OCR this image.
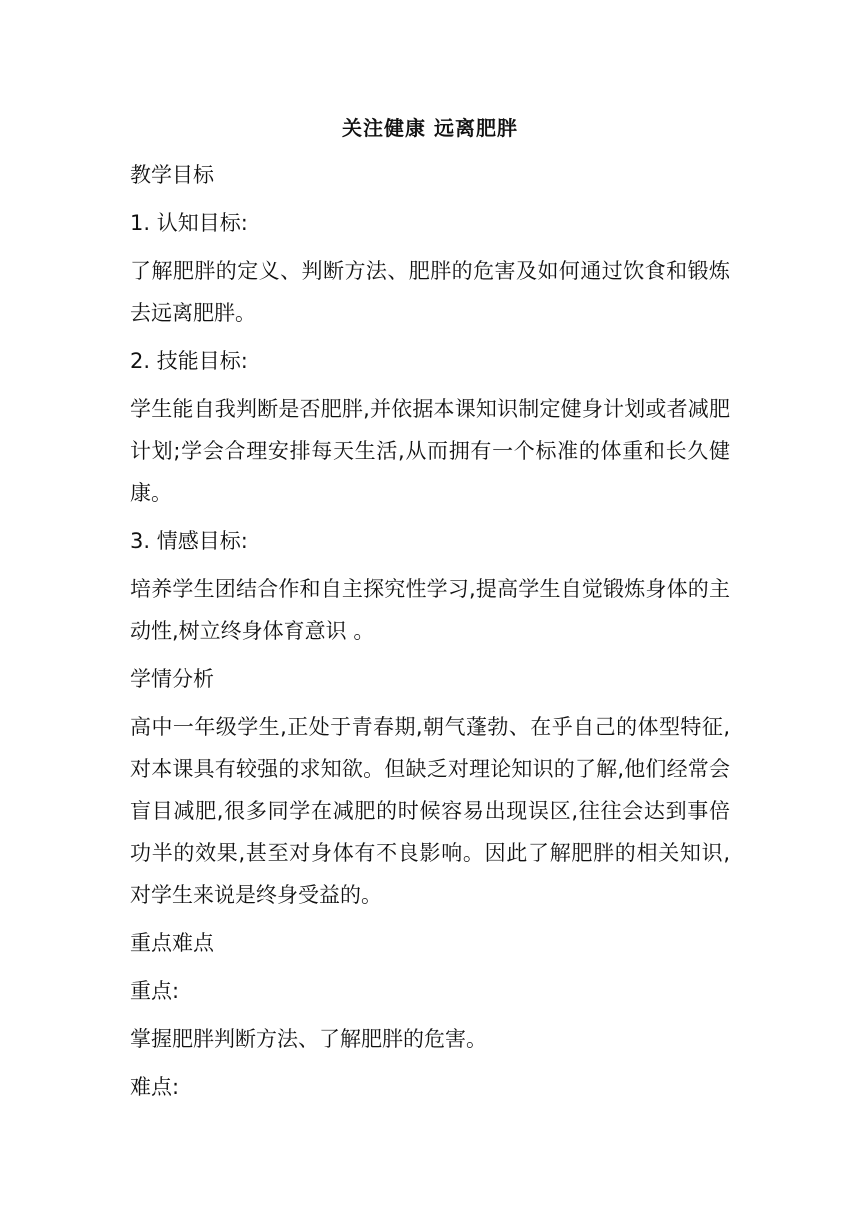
关注健康 远离肥胖

教学目标

1. 认知目标:

了解肥胖的定义、判断方法、肥胖的危害及如何通过饮食和锻炼去远离肥胖。

2. 技能目标:

学生能自我判断是否肥胖,并依据本课知识制定健身计划或者减肥计划;学会合理安排每天生活,从而拥有一个标准的体重和长久健康。

3. 情感目标:

培养学生团结合作和自主探究性学习,提高学生自觉锻炼身体的主动性,树立终身体育意识 。

学情分析

高中一年级学生,正处于青春期,朝气蓬勃、在乎自己的体型特征,对本课具有较强的求知欲。但缺乏对理论知识的了解,他们经常会盲目减肥,很多同学在减肥的时候容易出现误区,往往会达到事倍功半的效果,甚至对身体有不良影响。因此了解肥胖的相关知识,对学生来说是终身受益的。

重点难点

重点:

掌握肥胖判断方法、了解肥胖的危害。

难点:
